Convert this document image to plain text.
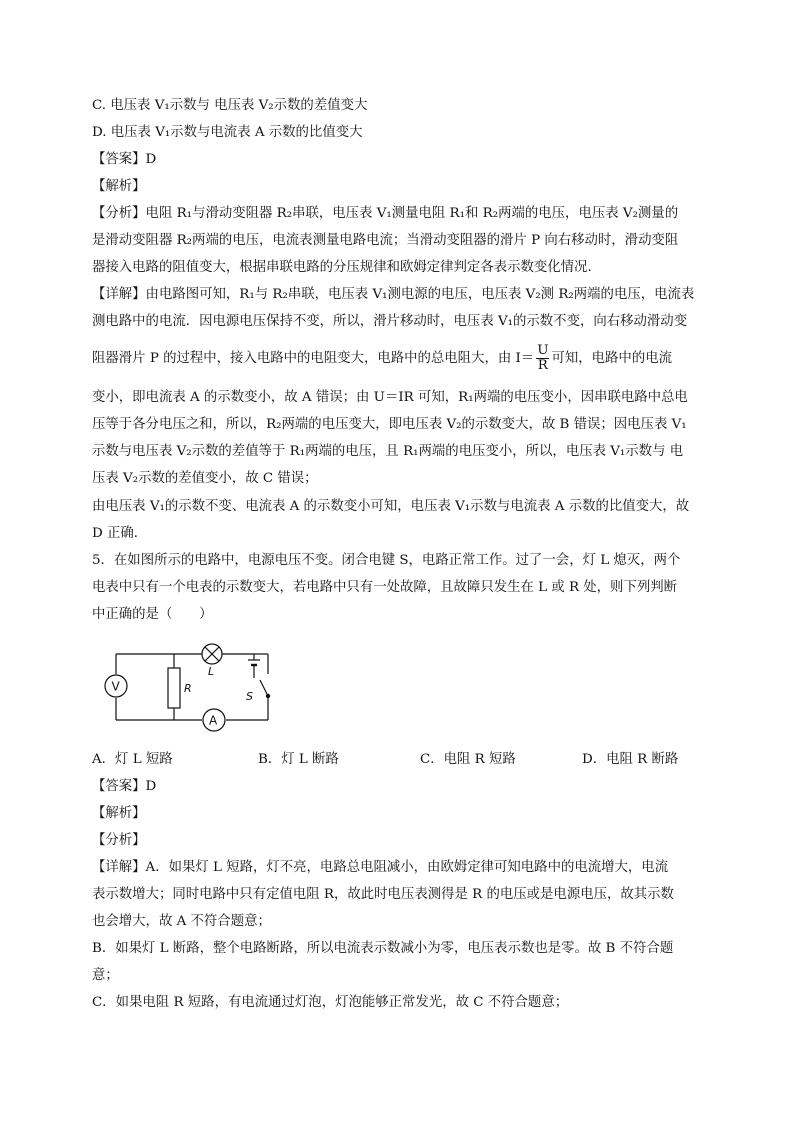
C. 电压表 V₁示数与 电压表 V₂示数的差值变大
D. 电压表 V₁示数与电流表 A 示数的比值变大
【答案】D
【解析】
【分析】电阻 R₁与滑动变阻器 R₂串联，电压表 V₁测量电阻 R₁和 R₂两端的电压，电压表 V₂测量的
是滑动变阻器 R₂两端的电压，电流表测量电路电流；当滑动变阻器的滑片 P 向右移动时，滑动变阻
器接入电路的阻值变大，根据串联电路的分压规律和欧姆定律判定各表示数变化情况.
【详解】由电路图可知，R₁与 R₂串联，电压表 V₁测电源的电压，电压表 V₂测 R₂两端的电压，电流表
测电路中的电流．因电源电压保持不变，所以，滑片移动时，电压表 V₁的示数不变，向右移动滑动变
阻器滑片 P 的过程中，接入电路中的电阻变大，电路中的总电阻大，由 $I= \frac{U}{R}$ 可知，电路中的电流
变小，即电流表 A 的示数变小，故 A 错误；由 U＝IR 可知，R₁两端的电压变小，因串联电路中总电
压等于各分电压之和，所以，R₂两端的电压变大，即电压表 V₂的示数变大，故 B 错误；因电压表 V₁
示数与电压表 V₂示数的差值等于 R₁两端的电压，且 R₁两端的电压变小，所以，电压表 V₁示数与 电
压表 V₂示数的差值变小，故 C 错误；
由电压表 V₁的示数不变、电流表 A 的示数变小可知，电压表 V₁示数与电流表 A 示数的比值变大，故
D 正确．
5．在如图所示的电路中，电源电压不变。闭合电键 S，电路正常工作。过了一会，灯 L 熄灭，两个
电表中只有一个电表的示数变大，若电路中只有一处故障，且故障只发生在 L 或 R 处，则下列判断
中正确的是（　　）
V
A
R
L
S
A．灯 L 短路	B．灯 L 断路	C．电阻 R 短路	D．电阻 R 断路
【答案】D
【解析】
【分析】
【详解】A．如果灯 L 短路，灯不亮，电路总电阻减小，由欧姆定律可知电路中的电流增大，电流
表示数增大；同时电路中只有定值电阻 R，故此时电压表测得是 R 的电压或是电源电压，故其示数
也会增大，故 A 不符合题意；
B．如果灯 L 断路，整个电路断路，所以电流表示数减小为零，电压表示数也是零。故 B 不符合题
意；
C．如果电阻 R 短路，有电流通过灯泡，灯泡能够正常发光，故 C 不符合题意；
